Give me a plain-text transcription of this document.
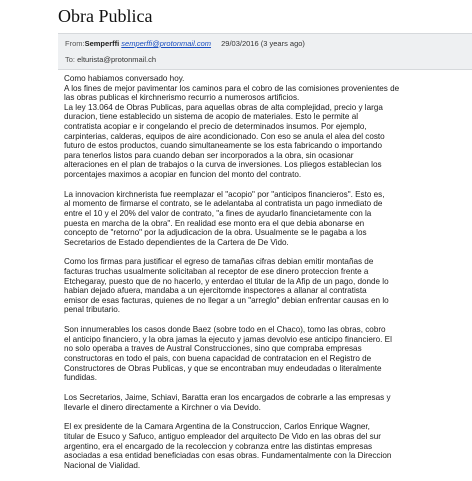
Obra Publica
From:Semperffi semperffi@protonmail.com 29/03/2016 (3 years ago)
To: elturista@protonmail.ch

Como habiamos conversado hoy.
A los fines de mejor pavimentar los caminos para el cobro de las comisiones provenientes de
las obras publicas el kirchnerismo recurrio a numerosos artificios.
La ley 13.064 de Obras Publicas, para aquellas obras de alta complejidad, precio y larga
duracion, tiene establecido un sistema de acopio de materiales. Esto le permite al
contratista acopiar e ir congelando el precio de determinados insumos. Por ejemplo,
carpinterias, calderas, equipos de aire acondicionado. Con eso se anula el alea del costo
futuro de estos productos, cuando simultaneamente se los esta fabricando o importando
para tenerlos listos para cuando deban ser incorporados a la obra, sin ocasionar
alteraciones en el plan de trabajos o la curva de inversiones. Los pliegos establecian los
porcentajes maximos a acopiar en funcion del monto del contrato.

La innovacion kirchnerista fue reemplazar el "acopio" por "anticipos financieros". Esto es,
al momento de firmarse el contrato, se le adelantaba al contratista un pago inmediato de
entre el 10 y el 20% del valor de contrato, "a fines de ayudarlo financietamente con la
puesta en marcha de la obra". En realidad ese monto era el que debia abonarse en
concepto de "retorno" por la adjudicacion de la obra. Usualmente se le pagaba a los
Secretarios de Estado dependientes de la Cartera de De Vido.

Como los firmas para justificar el egreso de tamañas cifras debian emitir montañas de
facturas truchas usualmente solicitaban al receptor de ese dinero proteccion frente a
Etchegaray, puesto que de no hacerlo, y enterdao el titular de la Afip de un pago, donde lo
habian dejado afuera, mandaba a un ejercitomde inspectores a allanar al contratista
emisor de esas facturas, quienes de no llegar a un "arreglo" debian enfrentar causas en lo
penal tributario.

Son innumerables los casos donde Baez (sobre todo en el Chaco), tomo las obras, cobro
el anticipo financiero, y la obra jamas la ejecuto y jamas devolvio ese anticipo financiero. El
no solo operaba a traves de Austral Construcciones, sino que compraba empresas
constructoras en todo el pais, con buena capacidad de contratacion en el Registro de
Constructores de Obras Publicas, y que se encontraban muy endeudadas o literalmente
fundidas.

Los Secretarios, Jaime, Schiavi, Baratta eran los encargados de cobrarle a las empresas y
llevarle el dinero directamente a Kirchner o via Devido.

El ex presidente de la Camara Argentina de la Construccion, Carlos Enrique Wagner,
titular de Esuco y Safuco, antiguo empleador del arquitecto De Vido en las obras del sur
argentino, era el encargado de la recoleccion y cobranza entre las distintas empresas
asociadas a esa entidad beneficiadas con esas obras. Fundamentalmente con la Direccion
Nacional de Vialidad.
